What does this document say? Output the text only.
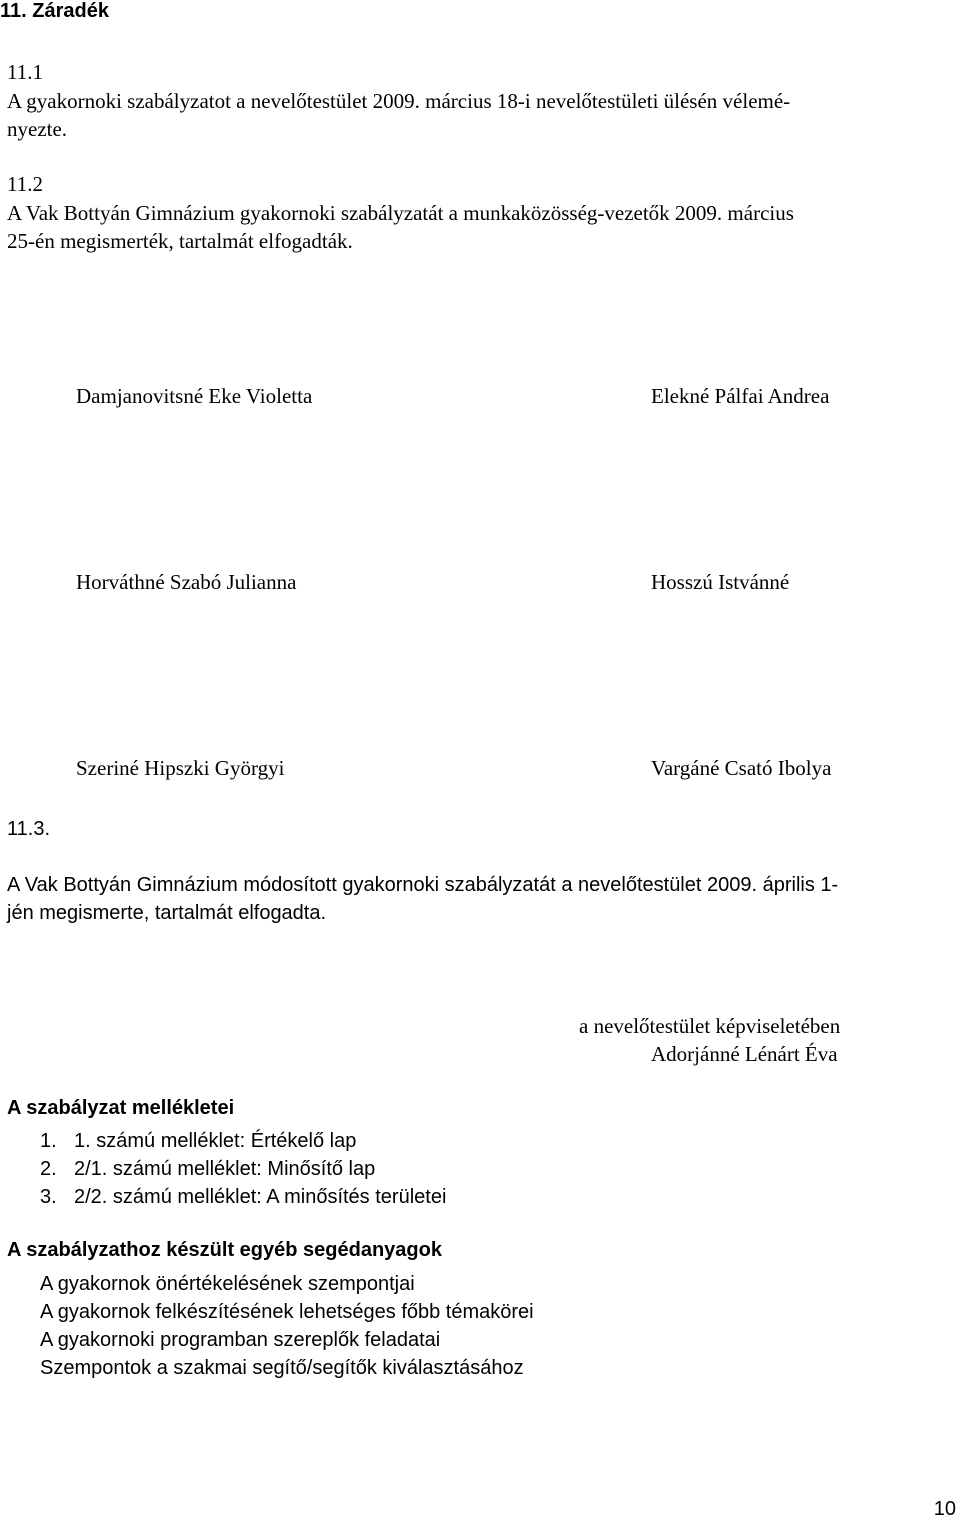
11. Záradék
11.1
A gyakornoki szabályzatot a nevelőtestület 2009. március 18-i nevelőtestületi ülésén vélemé-
nyezte.
11.2
A Vak Bottyán Gimnázium gyakornoki szabályzatát a munkaközösség-vezetők 2009. március
25-én megismerték, tartalmát elfogadták.
Damjanovitsné Eke Violetta	Elekné Pálfai Andrea
Horváthné Szabó Julianna	Hosszú Istvánné
Szeriné Hipszki Györgyi	Vargáné Csató Ibolya
11.3.
A Vak Bottyán Gimnázium módosított gyakornoki szabályzatát a nevelőtestület 2009. április 1-
jén megismerte, tartalmát elfogadta.
a nevelőtestület képviseletében
Adorjánné Lénárt Éva
A szabályzat mellékletei
1. 1. számú melléklet: Értékelő lap
2. 2/1. számú melléklet: Minősítő lap
3. 2/2. számú melléklet: A minősítés területei
A szabályzathoz készült egyéb segédanyagok
A gyakornok önértékelésének szempontjai
A gyakornok felkészítésének lehetséges főbb témakörei
A gyakornoki programban szereplők feladatai
Szempontok a szakmai segítő/segítők kiválasztásához
10
